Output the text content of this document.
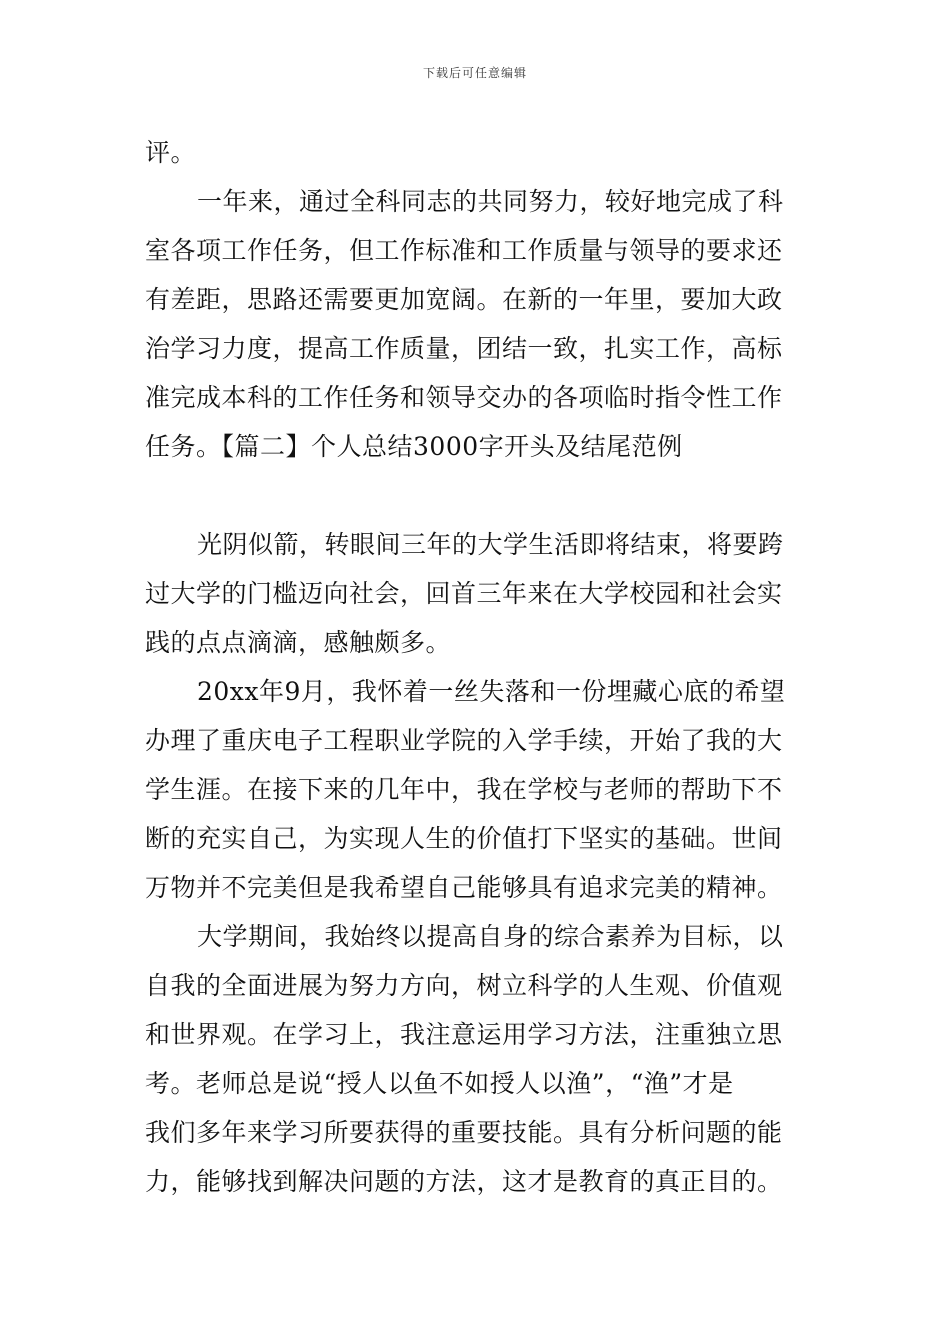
下载后可任意编辑
评。
一年来，通过全科同志的共同努力，较好地完成了科
室各项工作任务，但工作标准和工作质量与领导的要求还
有差距，思路还需要更加宽阔。在新的一年里，要加大政
治学习力度，提高工作质量，团结一致，扎实工作，高标
准完成本科的工作任务和领导交办的各项临时指令性工作
任务。【篇二】个人总结3000字开头及结尾范例
光阴似箭，转眼间三年的大学生活即将结束，将要跨
过大学的门槛迈向社会，回首三年来在大学校园和社会实
践的点点滴滴，感触颇多。
20xx年9月，我怀着一丝失落和一份埋藏心底的希望
办理了重庆电子工程职业学院的入学手续，开始了我的大
学生涯。在接下来的几年中，我在学校与老师的帮助下不
断的充实自己，为实现人生的价值打下坚实的基础。世间
万物并不完美但是我希望自己能够具有追求完美的精神。
大学期间，我始终以提高自身的综合素养为目标，以
自我的全面进展为努力方向，树立科学的人生观、价值观
和世界观。在学习上，我注意运用学习方法，注重独立思
考。老师总是说“授人以鱼不如授人以渔”，“渔”才是
我们多年来学习所要获得的重要技能。具有分析问题的能
力，能够找到解决问题的方法，这才是教育的真正目的。
